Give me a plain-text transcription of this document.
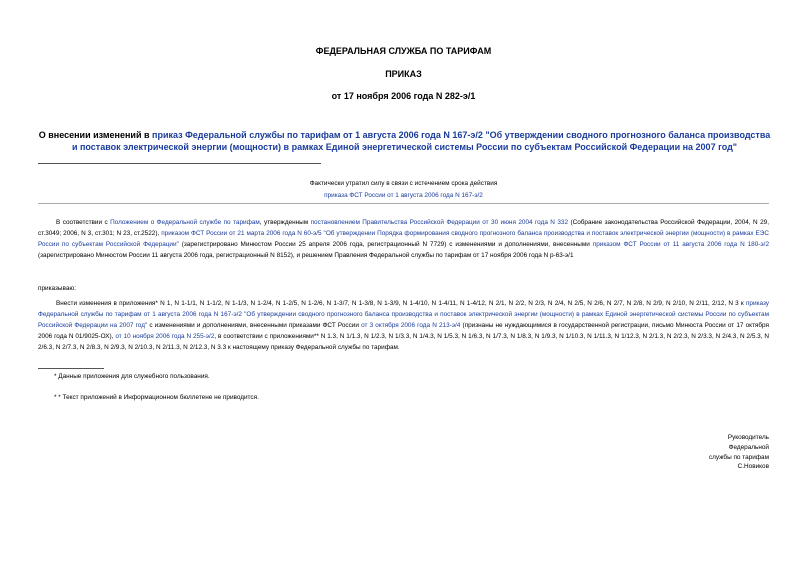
ФЕДЕРАЛЬНАЯ СЛУЖБА ПО ТАРИФАМ
ПРИКАЗ
от 17 ноября 2006 года N 282-э/1
О внесении изменений в приказ Федеральной службы по тарифам от 1 августа 2006 года N 167-э/2 "Об утверждении сводного прогнозного баланса производства и поставок электрической энергии (мощности) в рамках Единой энергетической системы России по субъектам Российской Федерации на 2007 год"
Фактически утратил силу в связи с истечением срока действия
приказа ФСТ России от 1 августа 2006 года N 167-э/2
В соответствии с Положением о Федеральной службе по тарифам, утвержденным постановлением Правительства Российской Федерации от 30 июня 2004 года N 332 (Собрание законодательства Российской Федерации, 2004, N 29, ст.3049; 2006, N 3, ст.301; N 23, ст.2522), приказом ФСТ России от 21 марта 2006 года N 60-э/5 "Об утверждении Порядка формирования сводного прогнозного баланса производства и поставок электрической энергии (мощности) в рамках ЕЭС России по субъектам Российской Федерации" (зарегистрировано Минюстом России 25 апреля 2006 года, регистрационный N 7729) с изменениями и дополнениями, внесенными приказом ФСТ России от 11 августа 2006 года N 180-э/2 (зарегистрировано Минюстом России 11 августа 2006 года, регистрационный N 8152), и решением Правления Федеральной службы по тарифам от 17 ноября 2006 года N р-63-э/1
приказываю:
Внести изменения в приложения* N 1, N 1-1/1, N 1-1/2, N 1-1/3, N 1-2/4, N 1-2/5, N 1-2/6, N 1-3/7, N 1-3/8, N 1-3/9, N 1-4/10, N 1-4/11, N 1-4/12, N 2/1, N 2/2, N 2/3, N 2/4, N 2/5, N 2/6, N 2/7, N 2/8, N 2/9, N 2/10, N 2/11, 2/12, N 3 к приказу Федеральной службы по тарифам от 1 августа 2006 года N 167-э/2 "Об утверждении сводного прогнозного баланса производства и поставок электрической энергии (мощности) в рамках Единой энергетической системы России по субъектам Российской Федерации на 2007 год" с изменениями и дополнениями, внесенными приказами ФСТ России от 3 октября 2006 года N 213-э/4 (признаны не нуждающимися в государственной регистрации, письмо Минюста России от 17 октября 2006 года N 01/9025-ОХ), от 10 ноября 2006 года N 255-э/2, в соответствии с приложениями** N 1.3, N 1/1.3, N 1/2.3, N 1/3.3, N 1/4.3, N 1/5.3, N 1/6.3, N 1/7.3, N 1/8.3, N 1/9.3, N 1/10.3, N 1/11.3, N 1/12.3, N 2/1.3, N 2/2.3, N 2/3.3, N 2/4.3, N 2/5.3, N 2/6.3, N 2/7.3, N 2/8.3, N 2/9.3, N 2/10.3, N 2/11.3, N 2/12.3, N 3.3 к настоящему приказу Федеральной службы по тарифам.
* Данные приложения для служебного пользования.
* * Текст приложений в Информационном бюллетене не приводится.
Руководитель
Федеральной
службы по тарифам
С.Новиков
